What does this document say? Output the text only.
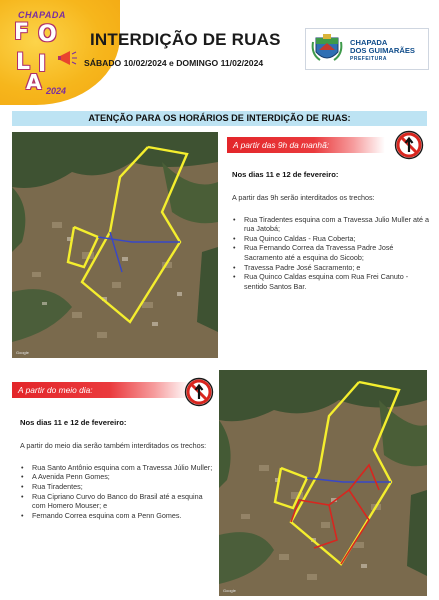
CHAPADA
F O
L I
A 2024
INTERDIÇÃO DE RUAS
SÁBADO 10/02/2024 e DOMINGO 11/02/2024
CHAPADA
DOS GUIMARÃES
PREFEITURA
ATENÇÃO PARA OS HORÁRIOS DE INTERDIÇÃO DE RUAS:
Google
A partir das 9h da manhã:
Nos dias 11 e 12 de fevereiro:
A partir das 9h serão interditados os trechos:
• Rua Tiradentes esquina com a Travessa Julio Muller até a rua Jatobá;
• Rua Quinco Caldas - Rua Coberta;
• Rua Fernando Correa da Travessa Padre José Sacramento até a esquina do Sicoob;
• Travessa Padre José Sacramento; e
• Rua Quinco Caldas esquina com Rua Frei Canuto - sentido Santos Bar.
A partir do meio dia:
Nos dias 11 e 12 de fevereiro:
A partir do meio dia serão também interditados os trechos:
• Rua Santo Antônio esquina com a Travessa Júlio Muller;
• A Avenida Penn Gomes;
• Rua Tiradentes;
• Rua Cipriano Curvo do Banco do Brasil até a esquina com Homero Mouser; e
• Fernando Correa esquina com a Penn Gomes.
Google
